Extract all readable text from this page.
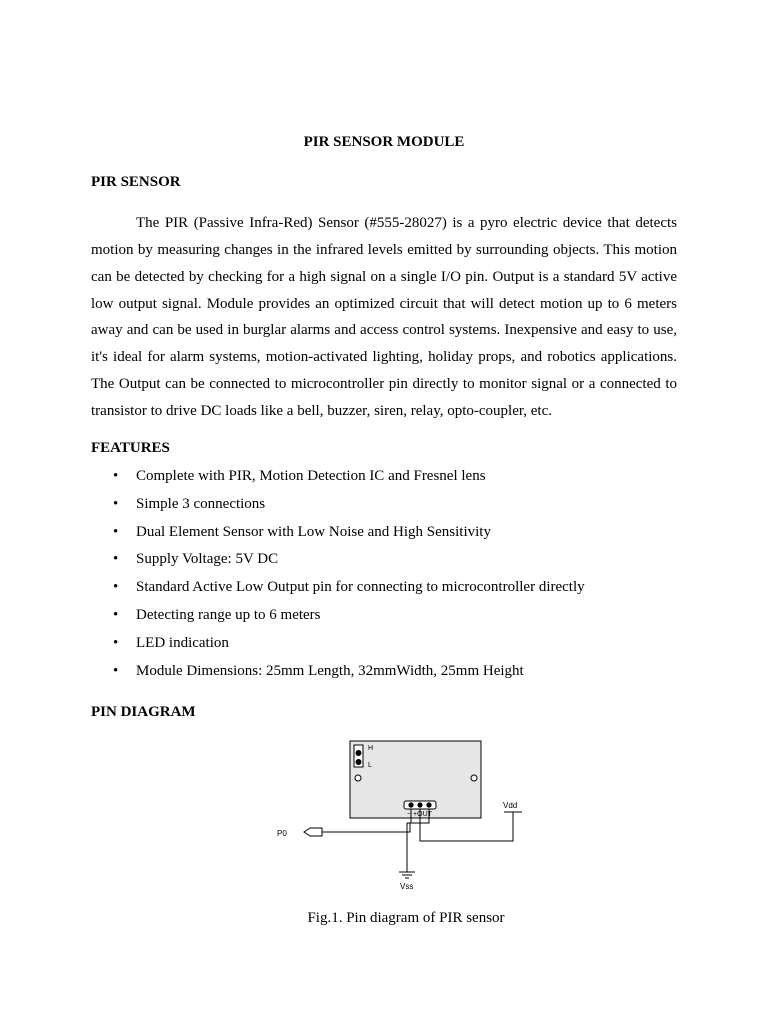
PIR SENSOR MODULE
PIR SENSOR

The PIR (Passive Infra-Red) Sensor (#555-28027) is a pyro electric device that detects motion by measuring changes in the infrared levels emitted by surrounding objects. This motion can be detected by checking for a high signal on a single I/O pin. Output is a standard 5V active low output signal. Module provides an optimized circuit that will detect motion up to 6 meters away and can be used in burglar alarms and access control systems. Inexpensive and easy to use, it's ideal for alarm systems, motion-activated lighting, holiday props, and robotics applications. The Output can be connected to microcontroller pin directly to monitor signal or a connected to transistor to drive DC loads like a bell, buzzer, siren, relay, opto-coupler, etc.

FEATURES
• Complete with PIR, Motion Detection IC and Fresnel lens
• Simple 3 connections
• Dual Element Sensor with Low Noise and High Sensitivity
• Supply Voltage: 5V DC
• Standard Active Low Output pin for connecting to microcontroller directly
• Detecting range up to 6 meters
• LED indication
• Module Dimensions: 25mm Length, 32mmWidth, 25mm Height
PIN DIAGRAM
H
L
− +OUT
P0
Vss
Vdd
Fig.1. Pin diagram of PIR sensor
